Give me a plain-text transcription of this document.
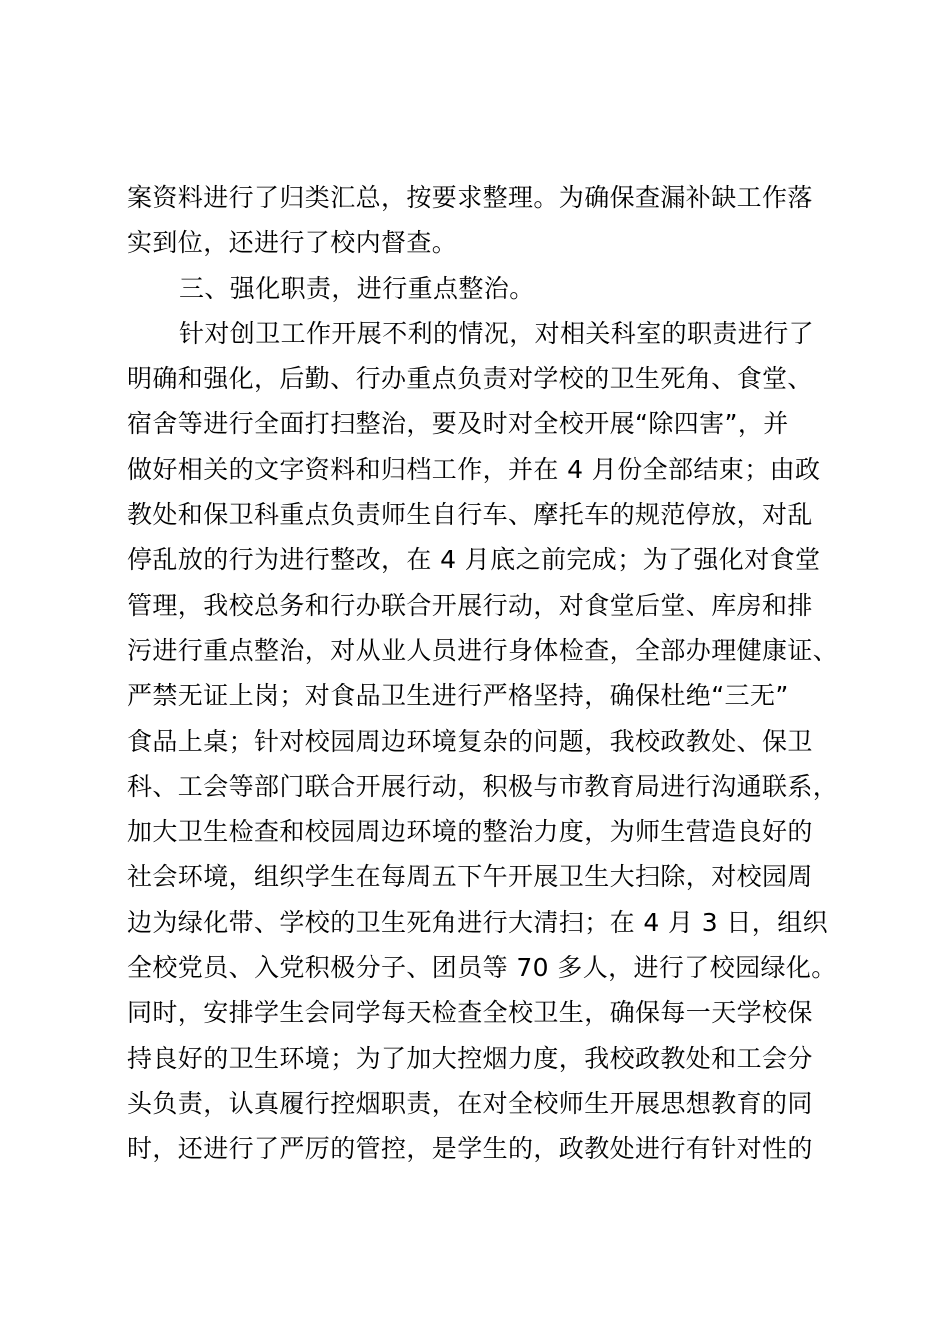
案资料进行了归类汇总，按要求整理。为确保查漏补缺工作落
实到位，还进行了校内督查。
三、强化职责，进行重点整治。
针对创卫工作开展不利的情况，对相关科室的职责进行了
明确和强化，后勤、行办重点负责对学校的卫生死角、食堂、
宿舍等进行全面打扫整治，要及时对全校开展“除四害”，并
做好相关的文字资料和归档工作，并在 4 月份全部结束；由政
教处和保卫科重点负责师生自行车、摩托车的规范停放，对乱
停乱放的行为进行整改，在 4 月底之前完成；为了强化对食堂
管理，我校总务和行办联合开展行动，对食堂后堂、库房和排
污进行重点整治，对从业人员进行身体检查，全部办理健康证、
严禁无证上岗；对食品卫生进行严格坚持，确保杜绝“三无”
食品上桌；针对校园周边环境复杂的问题，我校政教处、保卫
科、工会等部门联合开展行动，积极与市教育局进行沟通联系，
加大卫生检查和校园周边环境的整治力度，为师生营造良好的
社会环境，组织学生在每周五下午开展卫生大扫除，对校园周
边为绿化带、学校的卫生死角进行大清扫；在 4 月 3 日，组织
全校党员、入党积极分子、团员等 70 多人，进行了校园绿化。
同时，安排学生会同学每天检查全校卫生，确保每一天学校保
持良好的卫生环境；为了加大控烟力度，我校政教处和工会分
头负责，认真履行控烟职责，在对全校师生开展思想教育的同
时，还进行了严厉的管控，是学生的，政教处进行有针对性的
